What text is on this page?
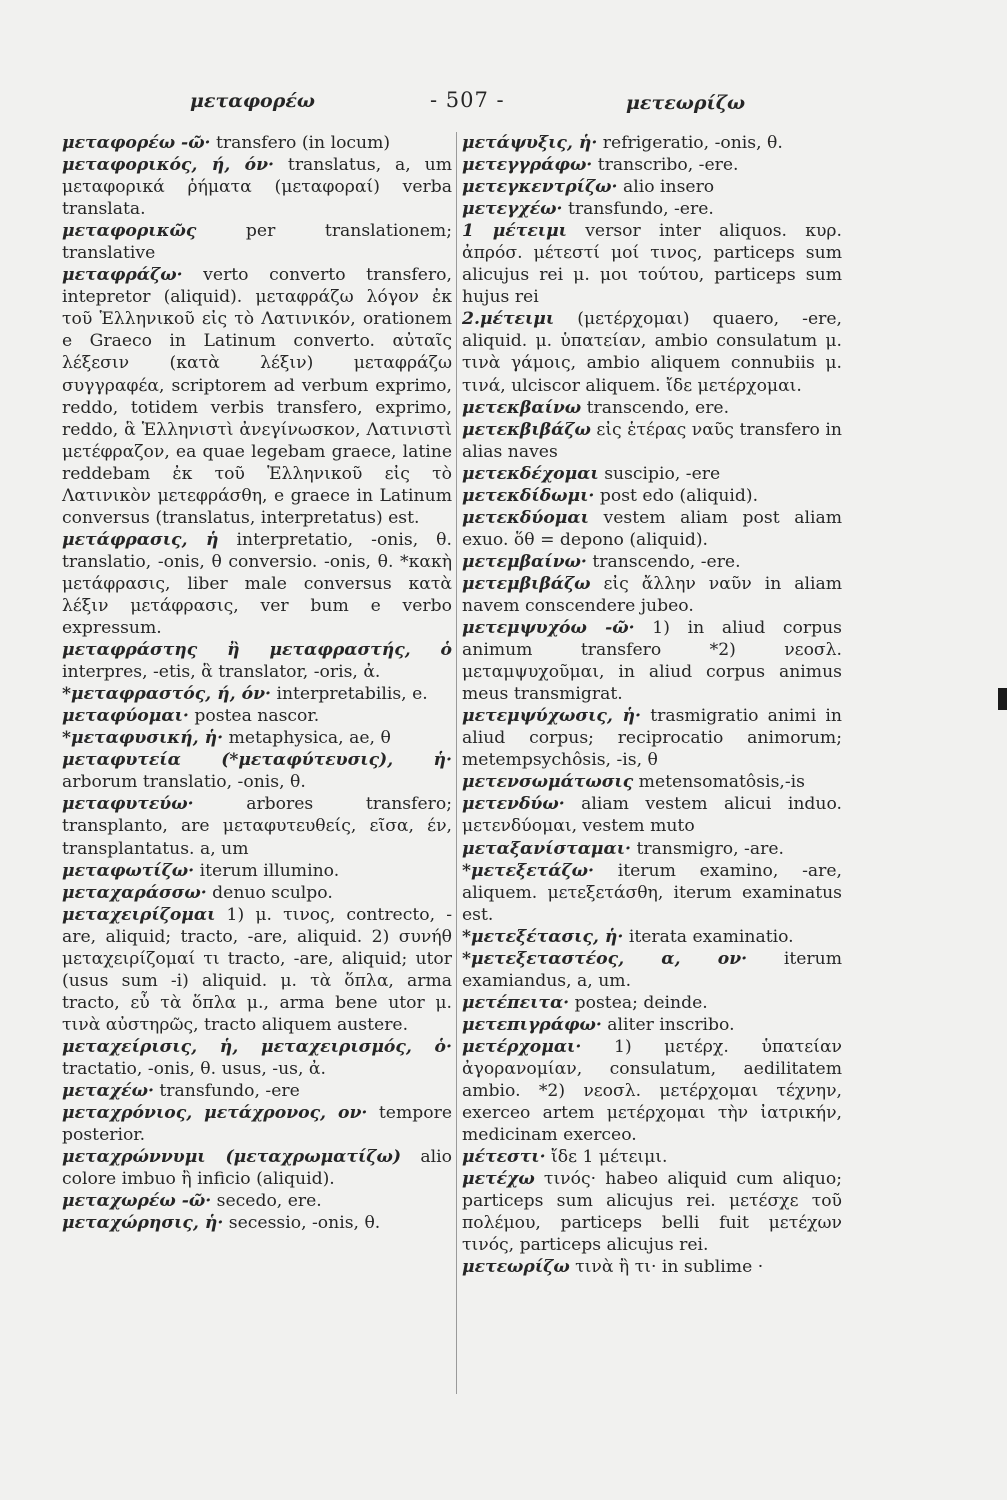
μεταφορέω	- 507 -	μετεωρίζω

μεταφορέω -ῶ· transfero (in locum)

μεταφορικός, ή, όν· translatus, a, um μεταφορικά ῥήματα (μεταφοραί) verba translata.

μεταφορικῶς per translationem; translative

μεταφράζω· verto converto transfero, intepretor (aliquid). μεταφράζω λόγον ἐκ τοῦ Ἑλληνικοῦ εἰς τὸ Λατινικόν, orationem e Graeco in Latinum converto. αὐταῖς λέξεσιν (κατὰ λέξιν) μεταφράζω συγγραφέα, scriptorem ad verbum exprimo, reddo, totidem verbis transfero, exprimo, reddo, ἃ Ἑλληνιστὶ ἀνεγίνωσκον, Λατινιστὶ μετέφραζον, ea quae legebam graece, latine reddebam ἐκ τοῦ Ἑλληνικοῦ εἰς τὸ Λατινικὸν μετεφράσθη, e graece in Latinum conversus (translatus, interpretatus) est.

μετάφρασις, ἡ interpretatio, -onis, θ. translatio, -onis, θ conversio. -onis, θ. *κακὴ μετάφρασις, liber male conversus κατὰ λέξιν μετάφρασις, ver bum e verbo expressum.

μεταφράστης ἢ μεταφραστής, ὁ interpres, -etis, ἃ translator, -oris, ἀ.

*μεταφραστός, ή, όν· interpretabilis, e.

μεταφύομαι· postea nascor.

*μεταφυσική, ἡ· metaphysica, ae, θ

μεταφυτεία (*μεταφύτευσις), ἡ· arborum translatio, -onis, θ.

μεταφυτεύω· arbores transfero; transplanto, are μεταφυτευθείς, εῖσα, έν, transplantatus. a, um

μεταφωτίζω· iterum illumino.

μεταχαράσσω· denuo sculpo.

μεταχειρίζομαι 1) μ. τινος, contrecto, -are, aliquid; tracto, -are, aliquid. 2) συνήθ μεταχειρίζομαί τι tracto, -are, aliquid; utor (usus sum -i) aliquid. μ. τὰ ὅπλα, arma tracto, εὖ τὰ ὅπλα μ., arma bene utor μ. τινὰ αὐστηρῶς, tracto aliquem austere.

μεταχείρισις, ἡ, μεταχειρισμός, ὁ· tractatio, -onis, θ. usus, -us, ἀ.

μεταχέω· transfundo, -ere

μεταχρόνιος, μετάχρονος, ον· tempore posterior.

μεταχρώννυμι (μεταχρωματίζω) alio colore imbuo ἢ inficio (aliquid).

μεταχωρέω -ῶ· secedo, ere.

μεταχώρησις, ἡ· secessio, -onis, θ.

μετάψυξις, ἡ· refrigeratio, -onis, θ.

μετεγγράφω· transcribo, -ere.

μετεγκεντρίζω· alio insero

μετεγχέω· transfundo, -ere.

1 μέτειμι versor inter aliquos. κυρ. ἀπρόσ. μέτεστί μοί τινος, particeps sum alicujus rei μ. μοι τούτου, particeps sum hujus rei

2.μέτειμι (μετέρχομαι) quaero, -ere, aliquid. μ. ὑπατείαν, ambio consulatum μ. τινὰ γάμοις, ambio aliquem connubiis μ. τινά, ulciscor aliquem. ἴδε μετέρχομαι.

μετεκβαίνω transcendo, ere.

μετεκβιβάζω εἰς ἑτέρας ναῦς transfero in alias naves

μετεκδέχομαι suscipio, -ere

μετεκδίδωμι· post edo (aliquid).

μετεκδύομαι vestem aliam post aliam exuo. ὅθ = depono (aliquid).

μετεμβαίνω· transcendo, -ere.

μετεμβιβάζω εἰς ἄλλην ναῦν in aliam navem conscendere jubeo.

μετεμψυχόω -ῶ· 1) in aliud corpus animum transfero *2) νεοσλ. μεταμψυχοῦμαι, in aliud corpus animus meus transmigrat.

μετεμψύχωσις, ἡ· trasmigratio animi in aliud corpus; reciprocatio animorum; metempsychôsis, -is, θ

μετενσωμάτωσις metensomatôsis,-is

μετενδύω· aliam vestem alicui induo. μετενδύομαι, vestem muto

μεταξανίσταμαι· transmigro, -are.

*μετεξετάζω· iterum examino, -are, aliquem. μετεξετάσθη, iterum examinatus est.

*μετεξέτασις, ἡ· iterata examinatio.

*μετεξεταστέος, α, ον· iterum examiandus, a, um.

μετέπειτα· postea; deinde.

μετεπιγράφω· aliter inscribo.

μετέρχομαι· 1) μετέρχ. ὑπατείαν ἀγορανομίαν, consulatum, aedilitatem ambio. *2) νεοσλ. μετέρχομαι τέχνην, exerceo artem μετέρχομαι τὴν ἰατρικήν, medicinam exerceo.

μέτεστι· ἴδε 1 μέτειμι.

μετέχω τινός· habeo aliquid cum aliquo; particeps sum alicujus rei. μετέσχε τοῦ πολέμου, particeps belli fuit μετέχων τινός, particeps alicujus rei.

μετεωρίζω τινὰ ἢ τι· in sublime ·
